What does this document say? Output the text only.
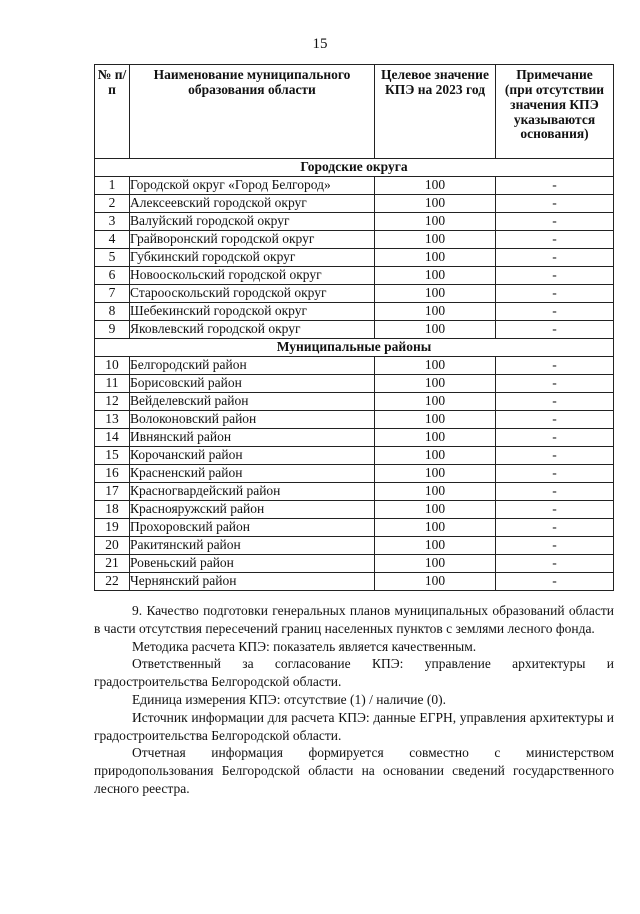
15
№ п/п	Наименование муниципального образования области	Целевое значение КПЭ на 2023 год	Примечание
(при отсутствии значения КПЭ указываются основания)
Городские округа			
1	Городской округ «Город Белгород»	100	-
2	Алексеевский городской округ	100	-
3	Валуйский городской округ	100	-
4	Грайворонский городской округ	100	-
5	Губкинский городской округ	100	-
6	Новооскольский городской округ	100	-
7	Старооскольский городской округ	100	-
8	Шебекинский городской округ	100	-
9	Яковлевский городской округ	100	-
Муниципальные районы			
10	Белгородский район	100	-
11	Борисовский район	100	-
12	Вейделевский район	100	-
13	Волоконовский район	100	-
14	Ивнянский район	100	-
15	Корочанский район	100	-
16	Красненский район	100	-
17	Красногвардейский район	100	-
18	Краснояружский район	100	-
19	Прохоровский район	100	-
20	Ракитянский район	100	-
21	Ровеньский район	100	-
22	Чернянский район	100	-

9. Качество подготовки генеральных планов муниципальных образований области в части отсутствия пересечений границ населенных пунктов с землями лесного фонда.

Методика расчета КПЭ: показатель является качественным.

Ответственный за согласование КПЭ: управление архитектуры и градостроительства Белгородской области.

Единица измерения КПЭ: отсутствие (1) / наличие (0).

Источник информации для расчета КПЭ: данные ЕГРН, управления архитектуры и градостроительства Белгородской области.

Отчетная информация формируется совместно с министерством природопользования Белгородской области на основании сведений государственного лесного реестра.
